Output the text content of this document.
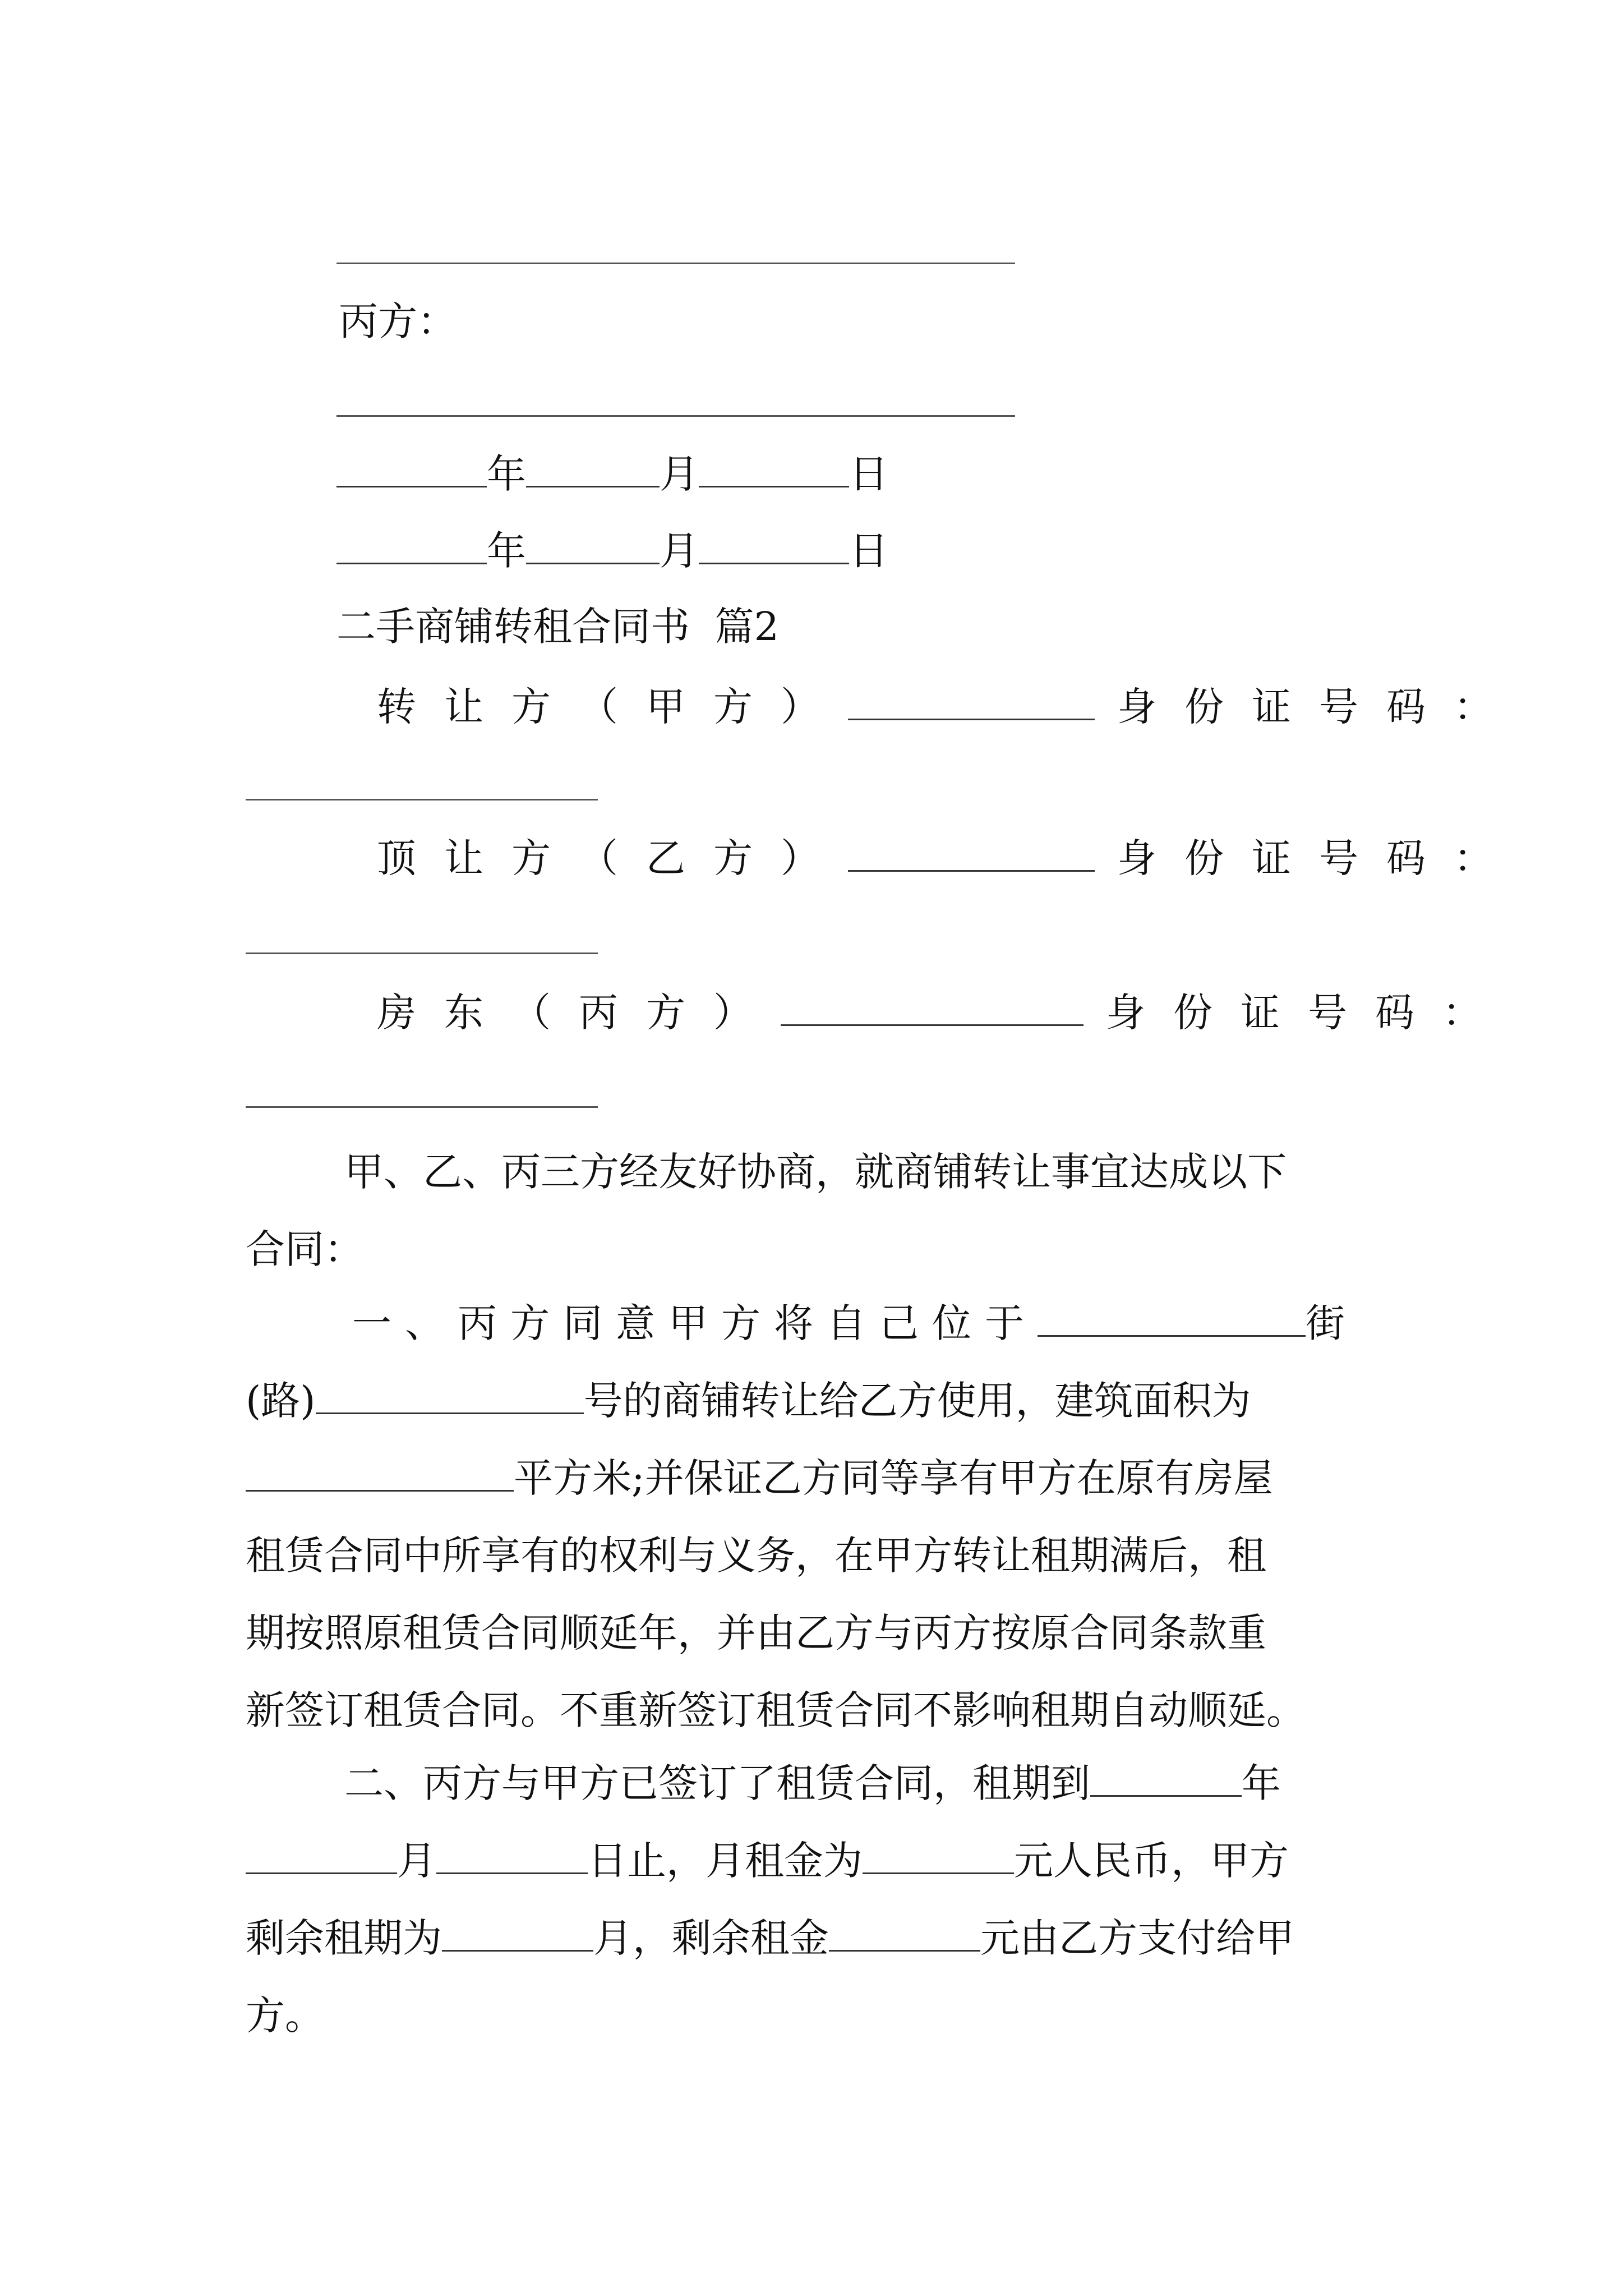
丙方：
年	月	日
年	月	日
二手商铺转租合同书  篇2
转让方（甲方）	身份证号码：
顶让方（乙方）	身份证号码：
房东（丙方）	身份证号码：
甲、乙、丙三方经友好协商，就商铺转让事宜达成以下
合同：
一、丙方同意甲方将自己位于	街
(路)	号的商铺转让给乙方使用，建筑面积为
平方米;并保证乙方同等享有甲方在原有房屋
租赁合同中所享有的权利与义务，在甲方转让租期满后，租
期按照原租赁合同顺延年，并由乙方与丙方按原合同条款重
新签订租赁合同。不重新签订租赁合同不影响租期自动顺延。
二、丙方与甲方已签订了租赁合同，租期到	年
月	日止，月租金为	元人民币，甲方
剩余租期为	月，剩余租金	元由乙方支付给甲
方。
